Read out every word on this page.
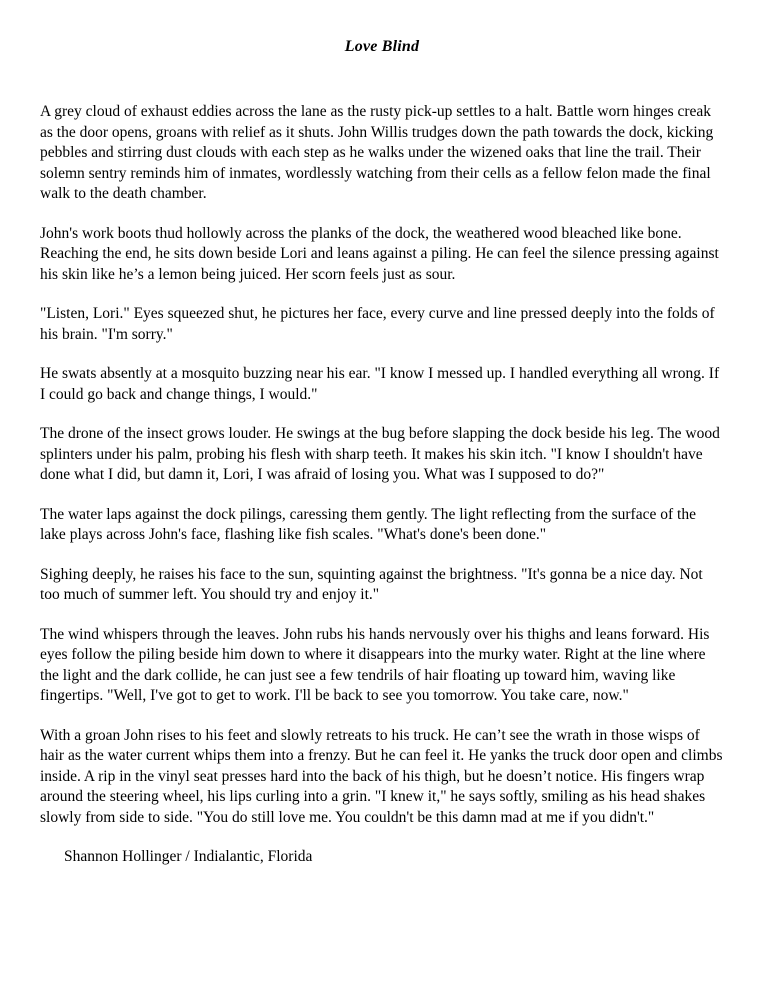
Love Blind

A grey cloud of exhaust eddies across the lane as the rusty pick-up settles to a halt. Battle worn hinges creak as the door opens, groans with relief as it shuts. John Willis trudges down the path towards the dock, kicking pebbles and stirring dust clouds with each step as he walks under the wizened oaks that line the trail. Their solemn sentry reminds him of inmates, wordlessly watching from their cells as a fellow felon made the final walk to the death chamber.

John's work boots thud hollowly across the planks of the dock, the weathered wood bleached like bone. Reaching the end, he sits down beside Lori and leans against a piling. He can feel the silence pressing against his skin like he’s a lemon being juiced. Her scorn feels just as sour.

"Listen, Lori." Eyes squeezed shut, he pictures her face, every curve and line pressed deeply into the folds of his brain. "I'm sorry."

He swats absently at a mosquito buzzing near his ear. "I know I messed up. I handled everything all wrong. If I could go back and change things, I would."

The drone of the insect grows louder. He swings at the bug before slapping the dock beside his leg. The wood splinters under his palm, probing his flesh with sharp teeth. It makes his skin itch. "I know I shouldn't have done what I did, but damn it, Lori, I was afraid of losing you. What was I supposed to do?"

The water laps against the dock pilings, caressing them gently. The light reflecting from the surface of the lake plays across John's face, flashing like fish scales. "What's done's been done."

Sighing deeply, he raises his face to the sun, squinting against the brightness. "It's gonna be a nice day. Not too much of summer left. You should try and enjoy it."

The wind whispers through the leaves. John rubs his hands nervously over his thighs and leans forward. His eyes follow the piling beside him down to where it disappears into the murky water. Right at the line where the light and the dark collide, he can just see a few tendrils of hair floating up toward him, waving like fingertips. "Well, I've got to get to work. I'll be back to see you tomorrow. You take care, now."

With a groan John rises to his feet and slowly retreats to his truck. He can’t see the wrath in those wisps of hair as the water current whips them into a frenzy. But he can feel it. He yanks the truck door open and climbs inside. A rip in the vinyl seat presses hard into the back of his thigh, but he doesn’t notice. His fingers wrap around the steering wheel, his lips curling into a grin. "I knew it," he says softly, smiling as his head shakes slowly from side to side. "You do still love me. You couldn't be this damn mad at me if you didn't."

Shannon Hollinger / Indialantic, Florida
